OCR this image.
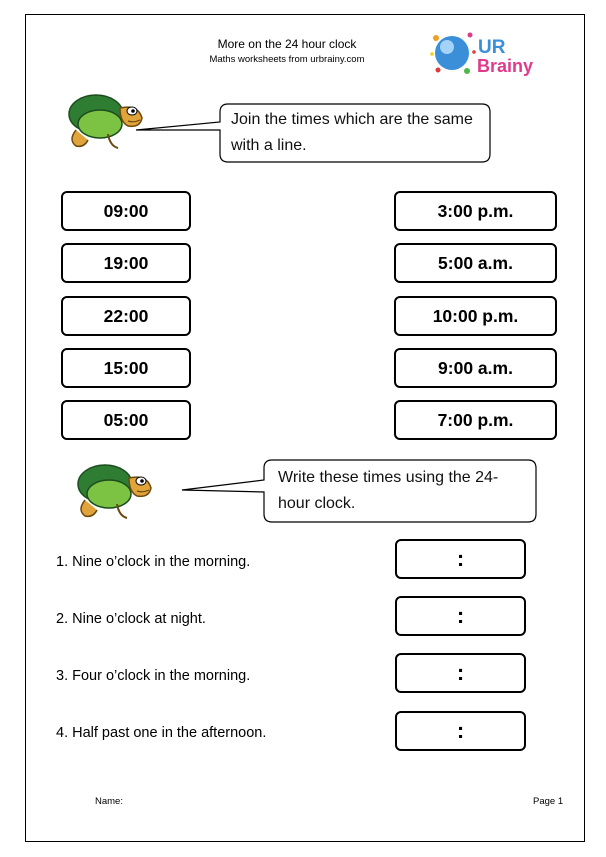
More on the 24 hour clock
Maths worksheets from urbrainy.com
UR
Brainy
Join the times which are the same with a line.
09:00
19:00
22:00
15:00
05:00
3:00 p.m.
5:00 a.m.
10:00 p.m.
9:00 a.m.
7:00 p.m.
Write these times using the 24-hour clock.
1. Nine o’clock in the morning.
2. Nine o’clock at night.
3. Four o’clock in the morning.
4. Half past one in the afternoon.
:
:
:
:
Name:	Page 1
